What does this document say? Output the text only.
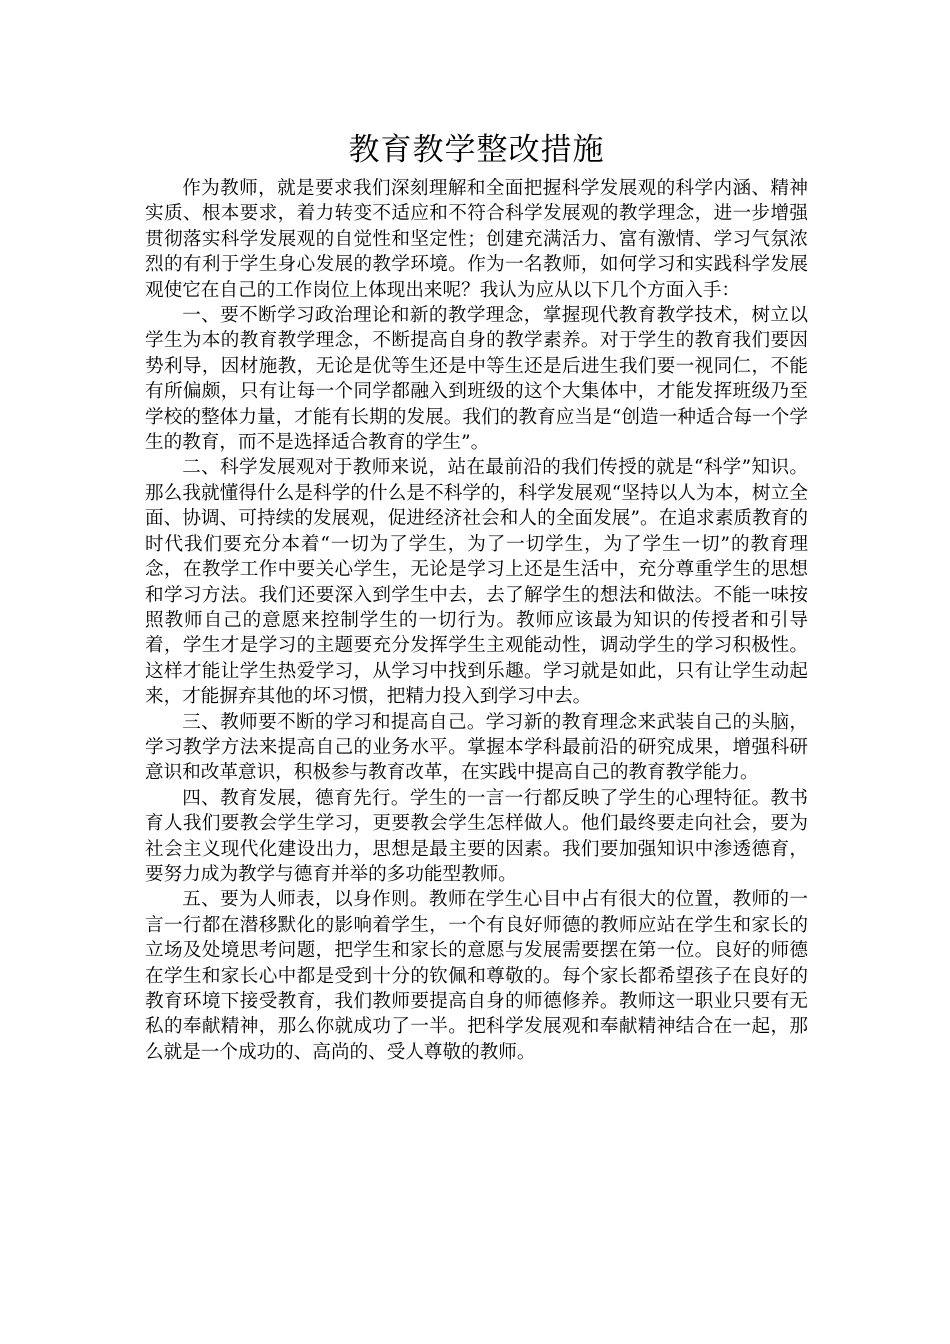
教育教学整改措施

作为教师，就是要求我们深刻理解和全面把握科学发展观的科学内涵、精神实质、根本要求，着力转变不适应和不符合科学发展观的教学理念，进一步增强贯彻落实科学发展观的自觉性和坚定性；创建充满活力、富有激情、学习气氛浓烈的有利于学生身心发展的教学环境。作为一名教师，如何学习和实践科学发展观使它在自己的工作岗位上体现出来呢？我认为应从以下几个方面入手：

一、要不断学习政治理论和新的教学理念，掌握现代教育教学技术，树立以学生为本的教育教学理念，不断提高自身的教学素养。对于学生的教育我们要因势利导，因材施教，无论是优等生还是中等生还是后进生我们要一视同仁，不能有所偏颇，只有让每一个同学都融入到班级的这个大集体中，才能发挥班级乃至学校的整体力量，才能有长期的发展。我们的教育应当是“创造一种适合每一个学生的教育，而不是选择适合教育的学生”。

二、科学发展观对于教师来说，站在最前沿的我们传授的就是“科学”知识。那么我就懂得什么是科学的什么是不科学的，科学发展观“坚持以人为本，树立全面、协调、可持续的发展观，促进经济社会和人的全面发展”。在追求素质教育的时代我们要充分本着“一切为了学生，为了一切学生，为了学生一切”的教育理念，在教学工作中要关心学生，无论是学习上还是生活中，充分尊重学生的思想和学习方法。我们还要深入到学生中去，去了解学生的想法和做法。不能一味按照教师自己的意愿来控制学生的一切行为。教师应该最为知识的传授者和引导着，学生才是学习的主题要充分发挥学生主观能动性，调动学生的学习积极性。这样才能让学生热爱学习，从学习中找到乐趣。学习就是如此，只有让学生动起来，才能摒弃其他的坏习惯，把精力投入到学习中去。

三、教师要不断的学习和提高自己。学习新的教育理念来武装自己的头脑，学习教学方法来提高自己的业务水平。掌握本学科最前沿的研究成果，增强科研意识和改革意识，积极参与教育改革，在实践中提高自己的教育教学能力。

四、教育发展，德育先行。学生的一言一行都反映了学生的心理特征。教书育人我们要教会学生学习，更要教会学生怎样做人。他们最终要走向社会，要为社会主义现代化建设出力，思想是最主要的因素。我们要加强知识中渗透德育，要努力成为教学与德育并举的多功能型教师。

五、要为人师表，以身作则。教师在学生心目中占有很大的位置，教师的一言一行都在潜移默化的影响着学生，一个有良好师德的教师应站在学生和家长的立场及处境思考问题，把学生和家长的意愿与发展需要摆在第一位。良好的师德在学生和家长心中都是受到十分的钦佩和尊敬的。每个家长都希望孩子在良好的教育环境下接受教育，我们教师要提高自身的师德修养。教师这一职业只要有无私的奉献精神，那么你就成功了一半。把科学发展观和奉献精神结合在一起，那么就是一个成功的、高尚的、受人尊敬的教师。
